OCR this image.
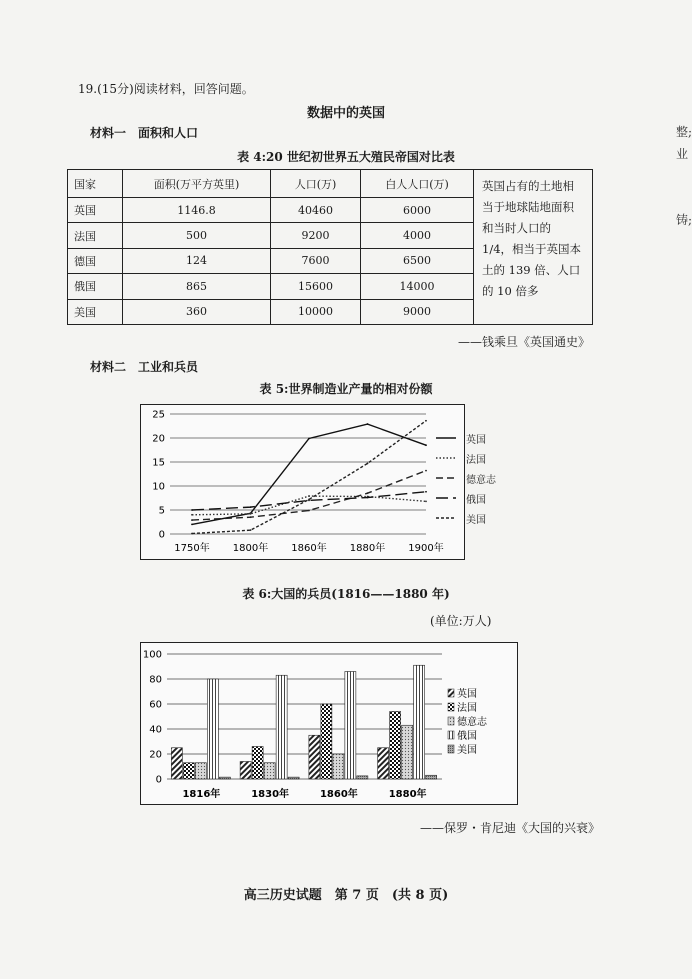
19.(15分)阅读材料，回答问题。
数据中的英国
整;
业
铸;
材料一　面积和人口
表 4:20 世纪初世界五大殖民帝国对比表
国家	面积(万平方英里)	人口(万)	白人人口(万)	英国占有的土地相当于地球陆地面积和当时人口的 1/4，相当于英国本土的 139 倍、人口的 10 倍多
英国	1146.8	40460	6000	
法国	500	9200	4000	
德国	124	7600	6500	
俄国	865	15600	14000	
美国	360	10000	9000	
——钱乘旦《英国通史》
材料二　工业和兵员
表 5:世界制造业产量的相对份额
0
5
10
15
20
25
1750年 1800年 1860年 1880年 1900年
表 6:大国的兵员(1816——1880 年)
(单位:万人)
0
20
40
60
80
100
1816年	1830年	1860年	1880年
英国
法国
德意志
俄国
美国
——保罗・肯尼迪《大国的兴衰》
高三历史试题　第 7 页　(共 8 页)
英国
法国
德意志
俄国
美国
